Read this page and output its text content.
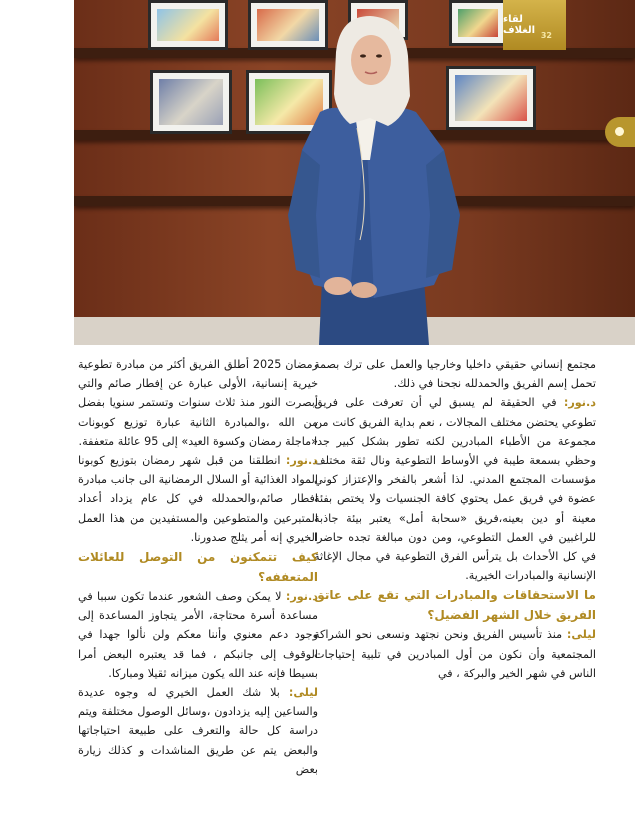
لقاء الغلاف 32

مجتمع إنساني حقيقي داخليا وخارجيا والعمل على ترك بصمة تحمل إسم الفريق والحمدلله نجحنا في ذلك.

د.نور: في الحقيقة لم يسبق لي أن تعرفت على فريق تطوعي يحتضن مختلف المجالات ، نعم بداية الفريق كانت من مجموعة من الأطباء المبادرين لكنه تطور بشكل كبير جدا وحظي بسمعة طيبة في الأوساط التطوعية ونال ثقة مختلف مؤسسات المجتمع المدني. لذا أشعر بالفخر والإعتزاز كوني عضوة في فريق عمل يحتوي كافة الجنسيات ولا يختص بفئة معينة أو دين بعينه،فريق «سحابة أمل» يعتبر بيئة جاذبة للراغبين في العمل التطوعي، ومن دون مبالغة تجده حاضرا في كل الأحداث بل يترأس الفرق التطوعية في مجال الإغاثة الإنسانية والمبادرات الخيرية.

ما الاستحقاقات والمبادرات التي تقع على عاتق الفريق خلال الشهر الفضيل؟

ليلى: منذ تأسيس الفريق ونحن نجتهد ونسعى نحو الشراكة المجتمعية وأن نكون من أول المبادرين في تلبية إحتياجات الناس في شهر الخير والبركة ، في

رمضان 2025 أطلق الفريق أكثر من مبادرة تطوعية خيرية إنسانية، الأولى عبارة عن إفطار صائم والتي أبصرت النور منذ ثلاث سنوات وتستمر سنويا بفضل من الله ،والمبادرة الثانية عبارة توزيع كوبونات «ماجلة رمضان وكسوة العيد» إلى 95 عائلة متعففة.

د.نور: انطلقنا من قبل شهر رمضان بتوزيع كوبونا المواد الغذائية أو السلال الرمضانية الى جانب مبادرة افطار صائم،والحمدلله في كل عام يزداد أعداد المتبرعين والمتطوعين والمستفيدين من هذا العمل الخيري إنه أمر يثلج صدورنا.

كيف تتمكنون من التوصل للعائلات المتعففه؟

د.نور: لا يمكن وصف الشعور عندما تكون سببا في مساعدة أسرة محتاجة، الأمر يتجاوز المساعدة إلى وجود دعم معنوي وأننا معكم ولن نألوا جهدا في الوقوف إلى جانبكم ، فما قد يعتبره البعض أمرا بسيطا فإنه عند الله يكون ميزانه ثقيلا ومباركا.

ليلى: بلا شك العمل الخيري له وجوه عديدة والساعين إليه يزدادون ،وسائل الوصول مختلفة ويتم دراسة كل حالة والتعرف على طبيعة احتياجاتها والبعض يتم عن طريق المناشدات و كذلك زيارة بعض
